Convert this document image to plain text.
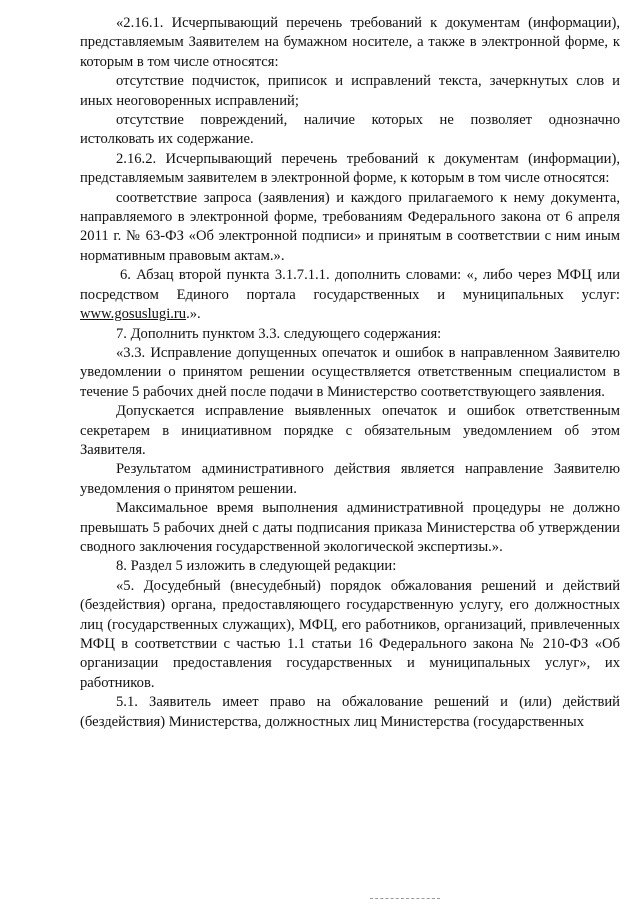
«2.16.1. Исчерпывающий перечень требований к документам (информации), представляемым Заявителем на бумажном носителе, а также в электронной форме, к которым в том числе относятся:

отсутствие подчисток, приписок и исправлений текста, зачеркнутых слов и иных неоговоренных исправлений;

отсутствие повреждений, наличие которых не позволяет однозначно истолковать их содержание.

2.16.2. Исчерпывающий перечень требований к документам (информации), представляемым заявителем в электронной форме, к которым в том числе относятся:

соответствие запроса (заявления) и каждого прилагаемого к нему документа, направляемого в электронной форме, требованиям Федерального закона от 6 апреля 2011 г. № 63-ФЗ «Об электронной подписи» и принятым в соответствии с ним иным нормативным правовым актам.».

6. Абзац второй пункта 3.1.7.1.1. дополнить словами: «, либо через МФЦ или посредством Единого портала государственных и муниципальных услуг: www.gosuslugi.ru.».

7. Дополнить пунктом 3.3. следующего содержания:

«3.3. Исправление допущенных опечаток и ошибок в направленном Заявителю уведомлении о принятом решении осуществляется ответственным специалистом в течение 5 рабочих дней после подачи в Министерство соответствующего заявления.

Допускается исправление выявленных опечаток и ошибок ответственным секретарем в инициативном порядке с обязательным уведомлением об этом Заявителя.

Результатом административного действия является направление Заявителю уведомления о принятом решении.

Максимальное время выполнения административной процедуры не должно превышать 5 рабочих дней с даты подписания приказа Министерства об утверждении сводного заключения государственной экологической экспертизы.».

8. Раздел 5 изложить в следующей редакции:

«5. Досудебный (внесудебный) порядок обжалования решений и действий (бездействия) органа, предоставляющего государственную услугу, его должностных лиц (государственных служащих), МФЦ, его работников, организаций, привлеченных МФЦ в соответствии с частью 1.1 статьи 16 Федерального закона № 210-ФЗ «Об организации предоставления государственных и муниципальных услуг», их работников.

5.1. Заявитель имеет право на обжалование решений и (или) действий (бездействия) Министерства, должностных лиц Министерства (государственных
